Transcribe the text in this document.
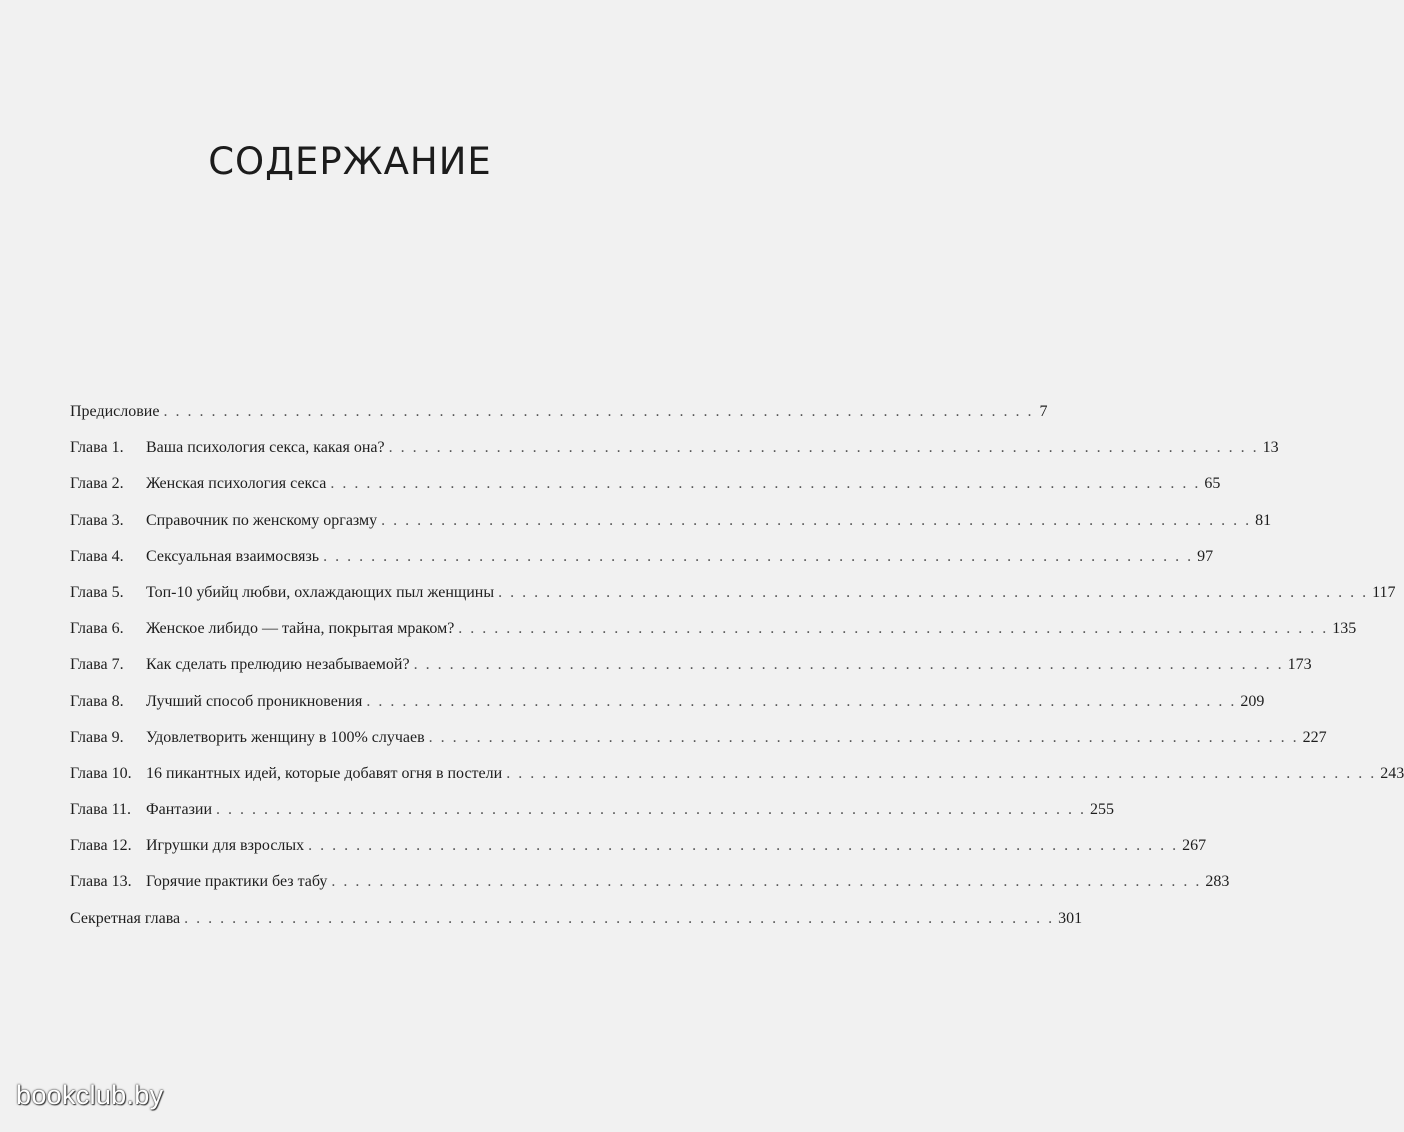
СОДЕРЖАНИЕ
Предисловие . . . . . . . . . . . . . . . . . . . . . . . . . . . . . . . . . . . . . . . . . . . . . . . . . . . . . . . . . . . . . . . . . . . . . . . . . 7
Глава 1.	Ваша психология секса, какая она? . . . . . . . . . . . . . . . . . . . . . . . . . . . . . . . . . . . . . . . . . . . . . . . . . . . . . . . . . . . . . . . . . . . . . . . . . 13
Глава 2.	Женская психология секса . . . . . . . . . . . . . . . . . . . . . . . . . . . . . . . . . . . . . . . . . . . . . . . . . . . . . . . . . . . . . . . . . . . . . . . . . 65
Глава 3.	Справочник по женскому оргазму . . . . . . . . . . . . . . . . . . . . . . . . . . . . . . . . . . . . . . . . . . . . . . . . . . . . . . . . . . . . . . . . . . . . . . . . . 81
Глава 4.	Сексуальная взаимосвязь . . . . . . . . . . . . . . . . . . . . . . . . . . . . . . . . . . . . . . . . . . . . . . . . . . . . . . . . . . . . . . . . . . . . . . . . . 97
Глава 5.	Топ-10 убийц любви, охлаждающих пыл женщины . . . . . . . . . . . . . . . . . . . . . . . . . . . . . . . . . . . . . . . . . . . . . . . . . . . . . . . . . . . . . . . . . . . . . . . . . 117
Глава 6.	Женское либидо — тайна, покрытая мраком? . . . . . . . . . . . . . . . . . . . . . . . . . . . . . . . . . . . . . . . . . . . . . . . . . . . . . . . . . . . . . . . . . . . . . . . . . 135
Глава 7.	Как сделать прелюдию незабываемой? . . . . . . . . . . . . . . . . . . . . . . . . . . . . . . . . . . . . . . . . . . . . . . . . . . . . . . . . . . . . . . . . . . . . . . . . . 173
Глава 8.	Лучший способ проникновения . . . . . . . . . . . . . . . . . . . . . . . . . . . . . . . . . . . . . . . . . . . . . . . . . . . . . . . . . . . . . . . . . . . . . . . . . 209
Глава 9.	Удовлетворить женщину в 100% случаев . . . . . . . . . . . . . . . . . . . . . . . . . . . . . . . . . . . . . . . . . . . . . . . . . . . . . . . . . . . . . . . . . . . . . . . . . 227
Глава 10. 16 пикантных идей, которые добавят огня в постели . . . . . . . . . . . . . . . . . . . . . . . . . . . . . . . . . . . . . . . . . . . . . . . . . . . . . . . . . . . . . . . . . . . . . . . . . 243
Глава 11. Фантазии . . . . . . . . . . . . . . . . . . . . . . . . . . . . . . . . . . . . . . . . . . . . . . . . . . . . . . . . . . . . . . . . . . . . . . . . . 255
Глава 12. Игрушки для взрослых . . . . . . . . . . . . . . . . . . . . . . . . . . . . . . . . . . . . . . . . . . . . . . . . . . . . . . . . . . . . . . . . . . . . . . . . . 267
Глава 13. Горячие практики без табу . . . . . . . . . . . . . . . . . . . . . . . . . . . . . . . . . . . . . . . . . . . . . . . . . . . . . . . . . . . . . . . . . . . . . . . . . 283
Секретная глава . . . . . . . . . . . . . . . . . . . . . . . . . . . . . . . . . . . . . . . . . . . . . . . . . . . . . . . . . . . . . . . . . . . . . . . . . 301
bookclub.by
